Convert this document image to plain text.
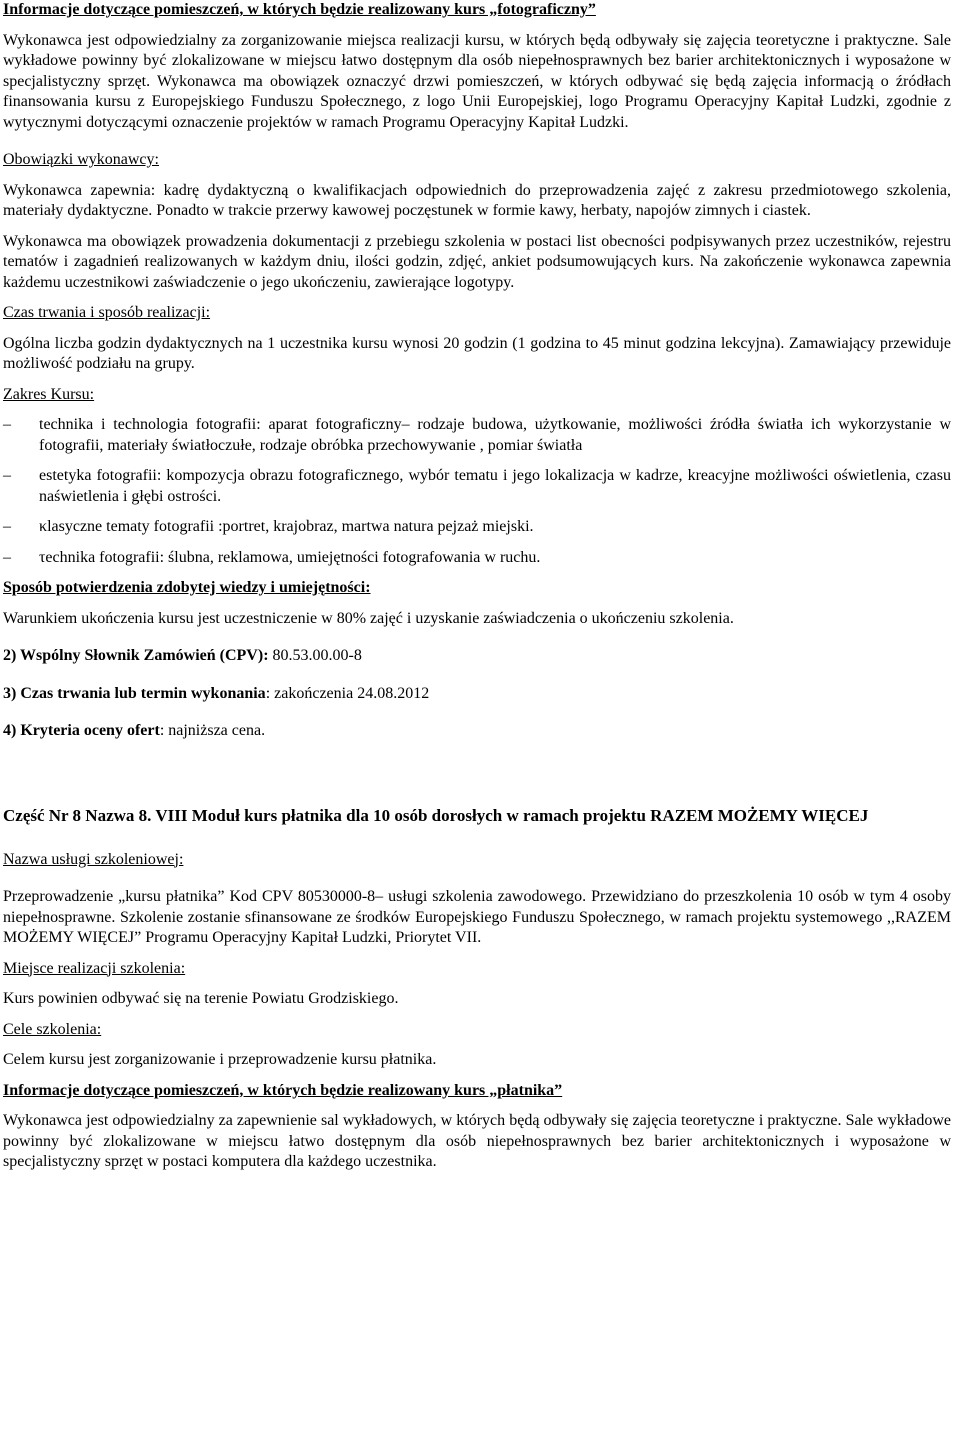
Informacje dotyczące pomieszczeń, w których będzie realizowany kurs „fotograficzny”

Wykonawca jest odpowiedzialny za zorganizowanie miejsca realizacji kursu, w których będą odbywały się zajęcia teoretyczne i praktyczne. Sale wykładowe powinny być zlokalizowane w miejscu łatwo dostępnym dla osób niepełnosprawnych bez barier architektonicznych i wyposażone w specjalistyczny sprzęt. Wykonawca ma obowiązek oznaczyć drzwi pomieszczeń, w których odbywać się będą zajęcia informacją o źródłach finansowania kursu z Europejskiego Funduszu Społecznego, z logo Unii Europejskiej, logo Programu Operacyjny Kapitał Ludzki, zgodnie z wytycznymi dotyczącymi oznaczenie projektów w ramach Programu Operacyjny Kapitał Ludzki.

Obowiązki wykonawcy:

Wykonawca zapewnia: kadrę dydaktyczną o kwalifikacjach odpowiednich do przeprowadzenia zajęć z zakresu przedmiotowego szkolenia, materiały dydaktyczne. Ponadto w trakcie przerwy kawowej poczęstunek w formie kawy, herbaty, napojów zimnych i ciastek.

Wykonawca ma obowiązek prowadzenia dokumentacji z przebiegu szkolenia w postaci list obecności podpisywanych przez uczestników, rejestru tematów i zagadnień realizowanych w każdym dniu, ilości godzin, zdjęć, ankiet podsumowujących kurs. Na zakończenie wykonawca zapewnia każdemu uczestnikowi zaświadczenie o jego ukończeniu, zawierające logotypy.

Czas trwania i sposób realizacji:

Ogólna liczba godzin dydaktycznych na 1 uczestnika kursu wynosi 20 godzin (1 godzina to 45 minut godzina lekcyjna). Zamawiający przewiduje możliwość podziału na grupy.

Zakres Kursu:

–	technika i technologia fotografii: aparat fotograficzny– rodzaje budowa, użytkowanie, możliwości źródła światła ich wykorzystanie w fotografii, materiały światłoczułe, rodzaje obróbka przechowywanie , pomiar światła
–	estetyka fotografii: kompozycja obrazu fotograficznego, wybór tematu i jego lokalizacja w kadrze, kreacyjne możliwości oświetlenia, czasu naświetlenia i głębi ostrości.
–	κlasyczne tematy fotografii :portret, krajobraz, martwa natura pejzaż miejski.
–	τechnika fotografii: ślubna, reklamowa, umiejętności fotografowania w ruchu.

Sposób potwierdzenia zdobytej wiedzy i umiejętności:

Warunkiem ukończenia kursu jest uczestniczenie w 80% zajęć i uzyskanie zaświadczenia o ukończeniu szkolenia.

2) Wspólny Słownik Zamówień (CPV): 80.53.00.00-8

3) Czas trwania lub termin wykonania: zakończenia 24.08.2012

4) Kryteria oceny ofert: najniższa cena.

Część Nr 8 Nazwa 8. VIII Moduł kurs płatnika dla 10 osób dorosłych w ramach projektu RAZEM MOŻEMY WIĘCEJ

Nazwa usługi szkoleniowej:

Przeprowadzenie „kursu płatnika” Kod CPV 80530000-8– usługi szkolenia zawodowego. Przewidziano do przeszkolenia 10 osób w tym 4 osoby niepełnosprawne. Szkolenie zostanie sfinansowane ze środków Europejskiego Funduszu Społecznego, w ramach projektu systemowego ,,RAZEM MOŻEMY WIĘCEJ” Programu Operacyjny Kapitał Ludzki, Priorytet VII.

Miejsce realizacji szkolenia:

Kurs powinien odbywać się na terenie Powiatu Grodziskiego.

Cele szkolenia:

Celem kursu jest zorganizowanie i przeprowadzenie kursu płatnika.

Informacje dotyczące pomieszczeń, w których będzie realizowany kurs „płatnika”

Wykonawca jest odpowiedzialny za zapewnienie sal wykładowych, w których będą odbywały się zajęcia teoretyczne i praktyczne. Sale wykładowe powinny być zlokalizowane w miejscu łatwo dostępnym dla osób niepełnosprawnych bez barier architektonicznych i wyposażone w specjalistyczny sprzęt w postaci komputera dla każdego uczestnika.
